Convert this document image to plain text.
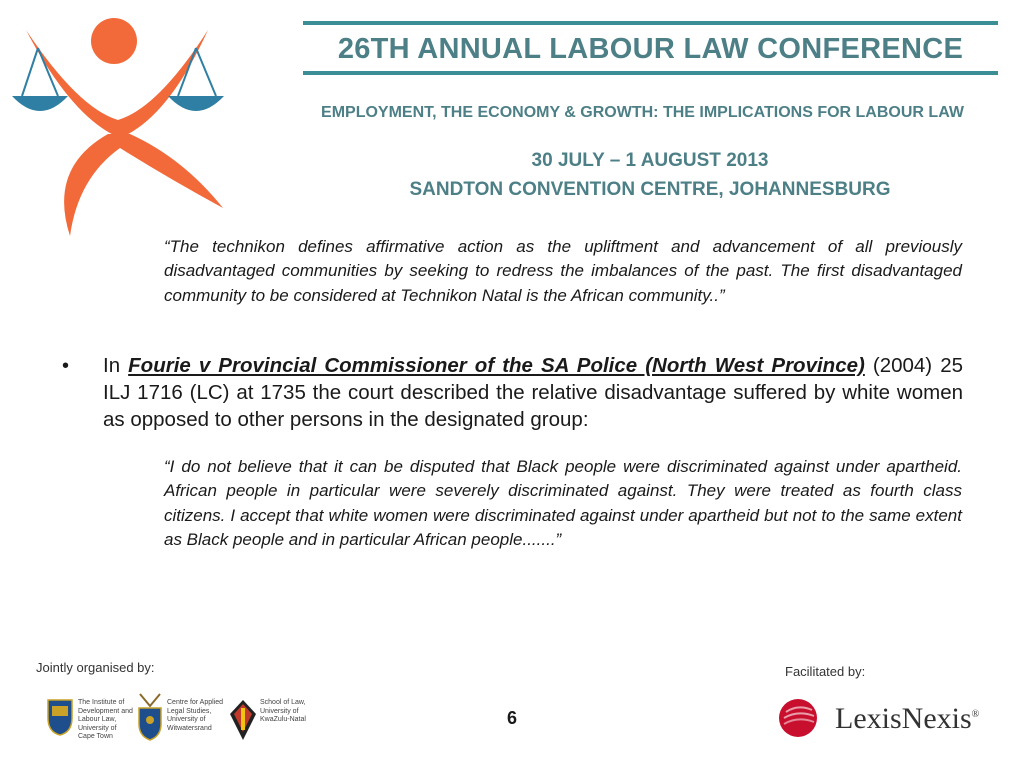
26TH ANNUAL LABOUR LAW CONFERENCE
EMPLOYMENT, THE ECONOMY & GROWTH: THE IMPLICATIONS FOR LABOUR LAW
30 JULY – 1 AUGUST 2013
SANDTON CONVENTION CENTRE, JOHANNESBURG
“The technikon defines affirmative action as the upliftment and advancement of all previously disadvantaged communities by seeking to redress the imbalances of the past. The first disadvantaged community to be considered at Technikon Natal is the African community..”
• In Fourie v Provincial Commissioner of the SA Police (North West Province) (2004) 25 ILJ 1716 (LC) at 1735 the court described the relative disadvantage suffered by white women as opposed to other persons in the designated group:
“I do not believe that it can be disputed that Black people were discriminated against under apartheid. African people in particular were severely discriminated against. They were treated as fourth class citizens. I accept that white women were discriminated against under apartheid but not to the same extent as Black people and in particular African people.......”
Jointly organised by:
The Institute of
Development and
Labour Law,
University of
Cape Town
Centre for Applied
Legal Studies,
University of
Witwatersrand
School of Law,
University of
KwaZulu-Natal	6
Facilitated by:
LexisNexis®
